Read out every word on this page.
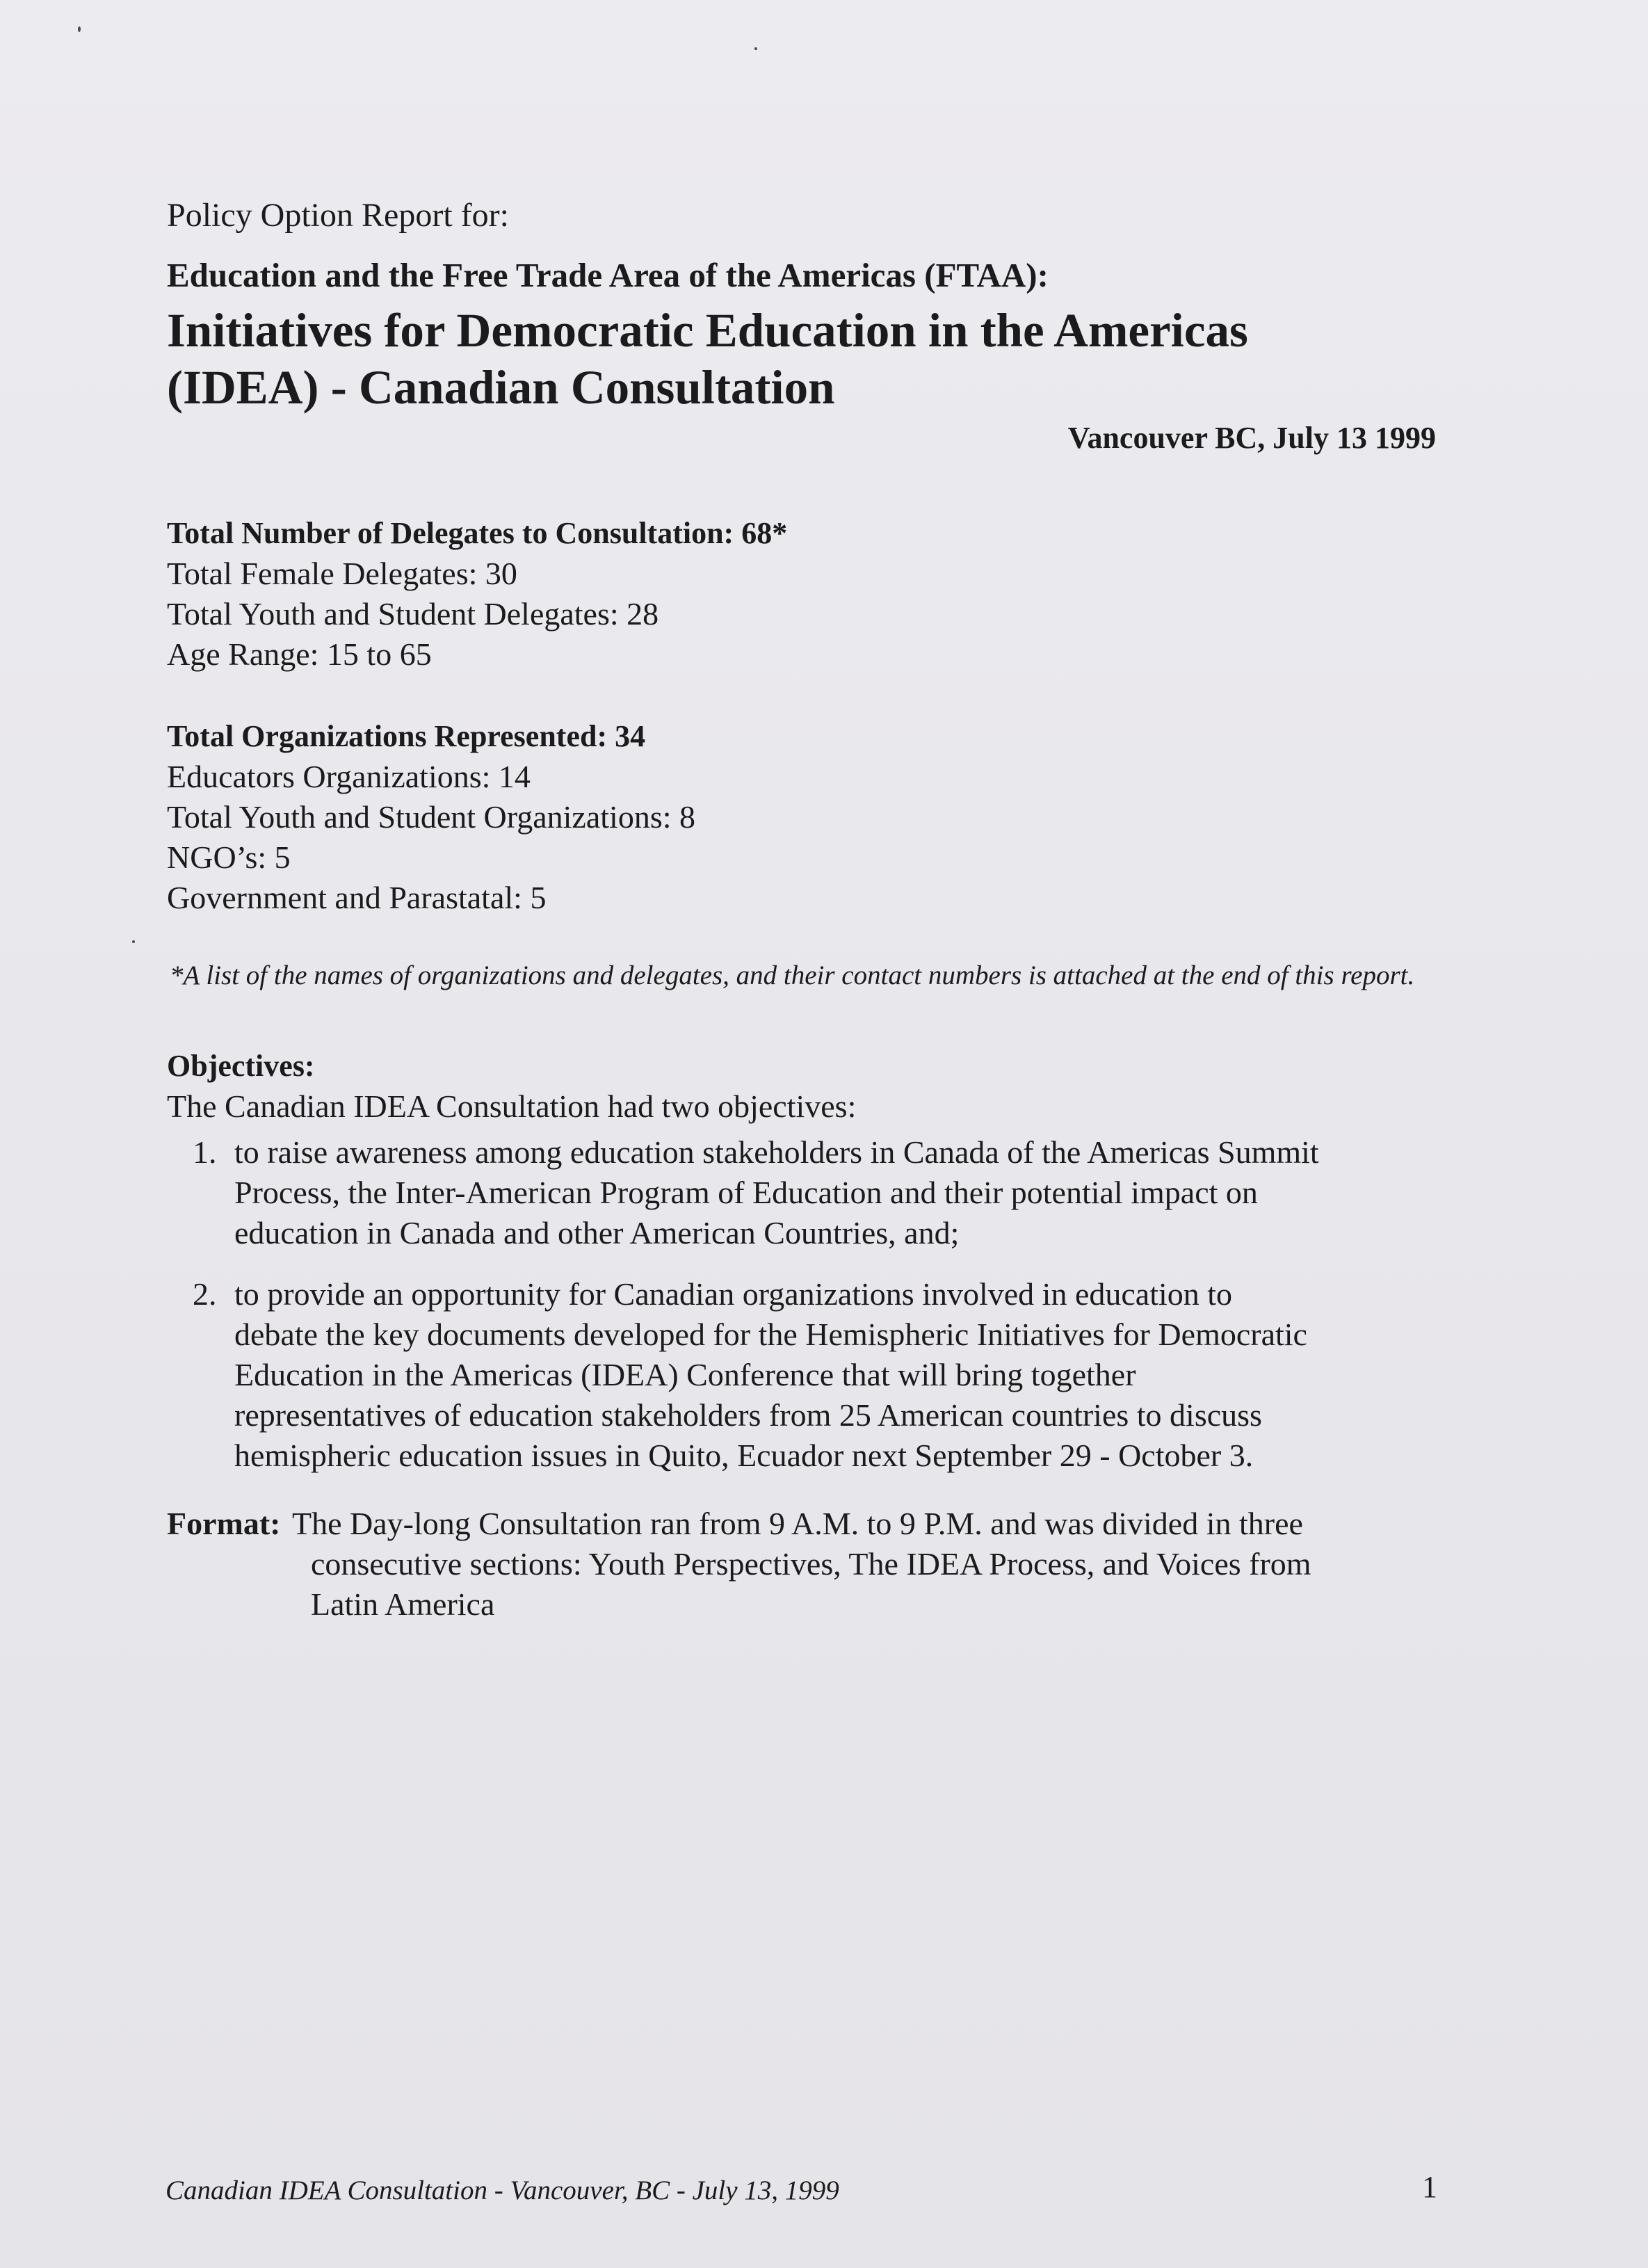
Policy Option Report for:
Education and the Free Trade Area of the Americas (FTAA):
Initiatives for Democratic Education in the Americas
(IDEA) - Canadian Consultation
Vancouver BC, July 13 1999
Total Number of Delegates to Consultation: 68*
Total Female Delegates: 30
Total Youth and Student Delegates: 28
Age Range: 15 to 65
Total Organizations Represented: 34
Educators Organizations: 14
Total Youth and Student Organizations: 8
NGO’s: 5
Government and Parastatal: 5
*A list of the names of organizations and delegates, and their contact numbers is attached at the end of this report.
Objectives:
The Canadian IDEA Consultation had two objectives:
1. to raise awareness among education stakeholders in Canada of the Americas Summit
Process, the Inter-American Program of Education and their potential impact on
education in Canada and other American Countries, and;
2. to provide an opportunity for Canadian organizations involved in education to
debate the key documents developed for the Hemispheric Initiatives for Democratic
Education in the Americas (IDEA) Conference that will bring together
representatives of education stakeholders from 25 American countries to discuss
hemispheric education issues in Quito, Ecuador next September 29 - October 3.
Format: The Day-long Consultation ran from 9 A.M. to 9 P.M. and was divided in three
consecutive sections: Youth Perspectives, The IDEA Process, and Voices from
Latin America
Canadian IDEA Consultation - Vancouver, BC - July 13, 1999	1
